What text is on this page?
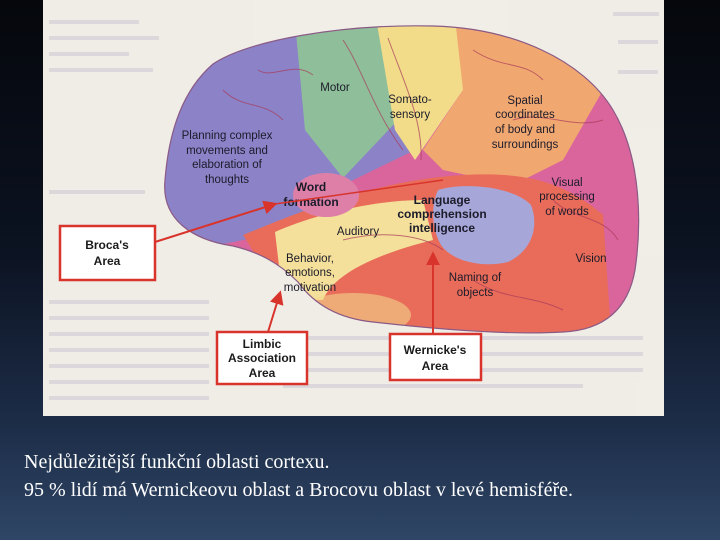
Motor
Somato-
sensory
Spatial
coordinates
of body and
surroundings
Planning complex
movements and
elaboration of
thoughts	Word
formation	Language
comprehension
intelligence
Visual
processing
of words
Auditory
Vision
Behavior,
emotions,
motivation
Naming of
objects
Broca's
Area
Limbic
Association
Area
Wernicke's
Area
Nejdůležitější funkční oblasti cortexu.
95 % lidí má Wernickeovu oblast a Brocovu oblast v levé hemisféře.
